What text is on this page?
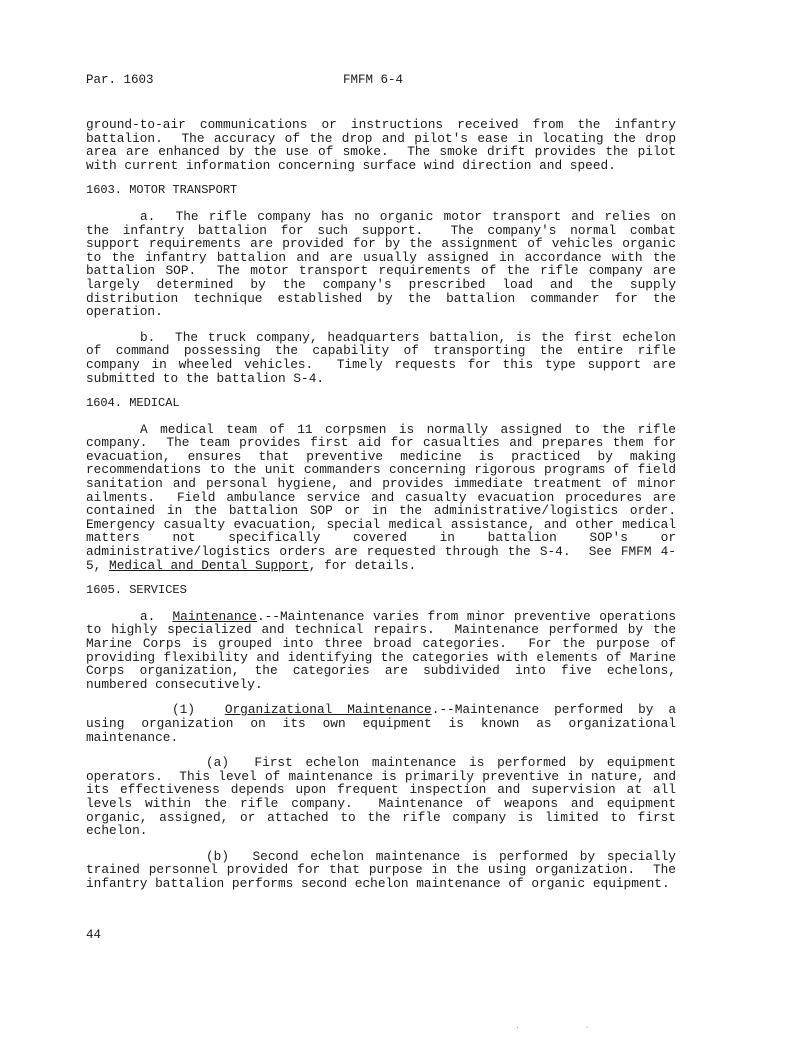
Par. 1603	FMFM 6-4

ground-to-air communications or instructions received from the infantry battalion.  The accuracy of the drop and pilot's ease in locating the drop area are enhanced by the use of smoke.  The smoke drift provides the pilot with current information concerning surface wind direction and speed.

1603. MOTOR TRANSPORT

a.  The rifle company has no organic motor transport and relies on the infantry battalion for such support.  The company's normal combat support requirements are provided for by the assignment of vehicles organic to the infantry battalion and are usually assigned in accordance with the battalion SOP.  The motor transport requirements of the rifle company are largely determined by the company's prescribed load and the supply distribution technique established by the battalion commander for the operation.

b.  The truck company, headquarters battalion, is the first echelon of command possessing the capability of transporting the entire rifle company in wheeled vehicles.  Timely requests for this type support are submitted to the battalion S-4.

1604. MEDICAL

A medical team of 11 corpsmen is normally assigned to the rifle company.  The team provides first aid for casualties and prepares them for evacuation, ensures that preventive medicine is practiced by making recommendations to the unit commanders concerning rigorous programs of field sanitation and personal hygiene, and provides immediate treatment of minor ailments.  Field ambulance service and casualty evacuation procedures are contained in the battalion SOP or in the administrative/logistics order.  Emergency casualty evacuation, special medical assistance, and other medical matters not specifically covered in battalion SOP's or administrative/logistics orders are requested through the S-4.  See FMFM 4-5, Medical and Dental Support, for details.

1605. SERVICES

a.  Maintenance.--Maintenance varies from minor preventive operations to highly specialized and technical repairs.  Maintenance performed by the Marine Corps is grouped into three broad categories.  For the purpose of providing flexibility and identifying the categories with elements of Marine Corps organization, the categories are subdivided into five echelons, numbered consecutively.

(1)  Organizational Maintenance.--Maintenance performed by a using organization on its own equipment is known as organizational maintenance.

(a)  First echelon maintenance is performed by equipment operators.  This level of maintenance is primarily preventive in nature, and its effectiveness depends upon frequent inspection and supervision at all levels within the rifle company.  Maintenance of weapons and equipment organic, assigned, or attached to the rifle company is limited to first echelon.

(b)  Second echelon maintenance is performed by specially trained personnel provided for that purpose in the using organization.  The infantry battalion performs second echelon maintenance of organic equipment.

44
. .
